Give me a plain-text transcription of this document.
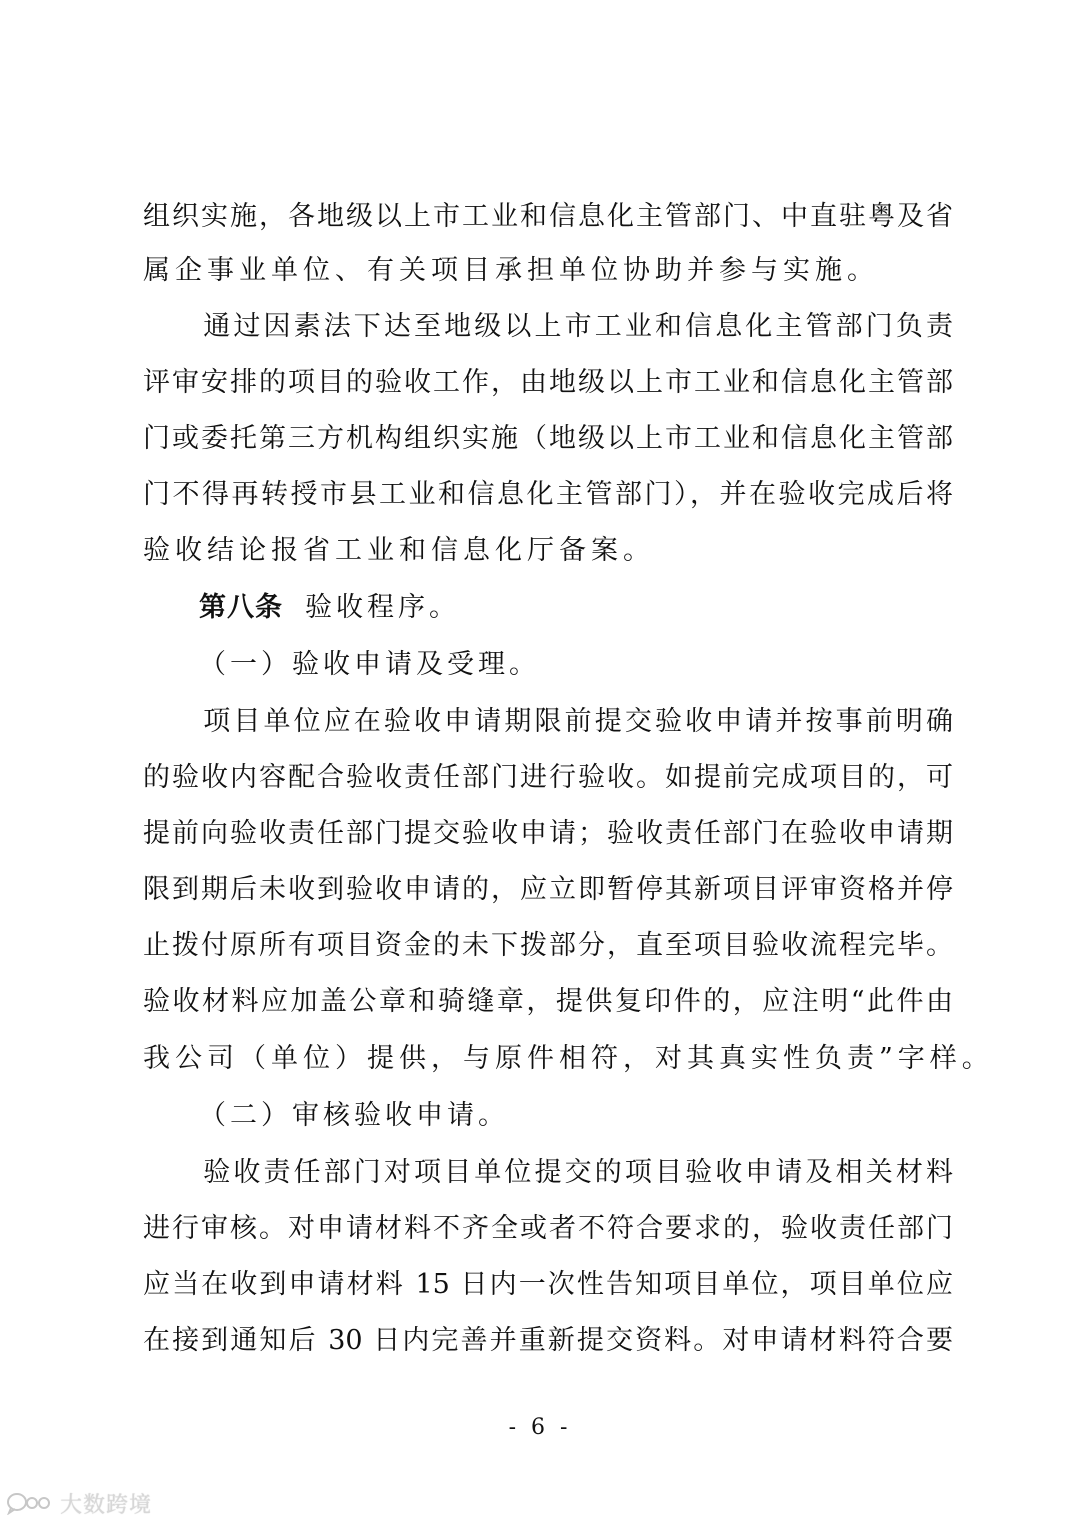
组织实施，各地级以上市工业和信息化主管部门、中直驻粤及省
属企事业单位、有关项目承担单位协助并参与实施。
　　通过因素法下达至地级以上市工业和信息化主管部门负责
评审安排的项目的验收工作，由地级以上市工业和信息化主管部
门或委托第三方机构组织实施（地级以上市工业和信息化主管部
门不得再转授市县工业和信息化主管部门），并在验收完成后将
验收结论报省工业和信息化厅备案。
第八条 验收程序。
（一）验收申请及受理。
　　项目单位应在验收申请期限前提交验收申请并按事前明确
的验收内容配合验收责任部门进行验收。如提前完成项目的，可
提前向验收责任部门提交验收申请；验收责任部门在验收申请期
限到期后未收到验收申请的，应立即暂停其新项目评审资格并停
止拨付原所有项目资金的未下拨部分，直至项目验收流程完毕。
验收材料应加盖公章和骑缝章，提供复印件的，应注明“此件由
我公司（单位）提供，与原件相符，对其真实性负责”字样。
（二）审核验收申请。
　　验收责任部门对项目单位提交的项目验收申请及相关材料
进行审核。对申请材料不齐全或者不符合要求的，验收责任部门
应当在收到申请材料 15 日内一次性告知项目单位，项目单位应
在接到通知后 30 日内完善并重新提交资料。对申请材料符合要
- 6 -
大数跨境
